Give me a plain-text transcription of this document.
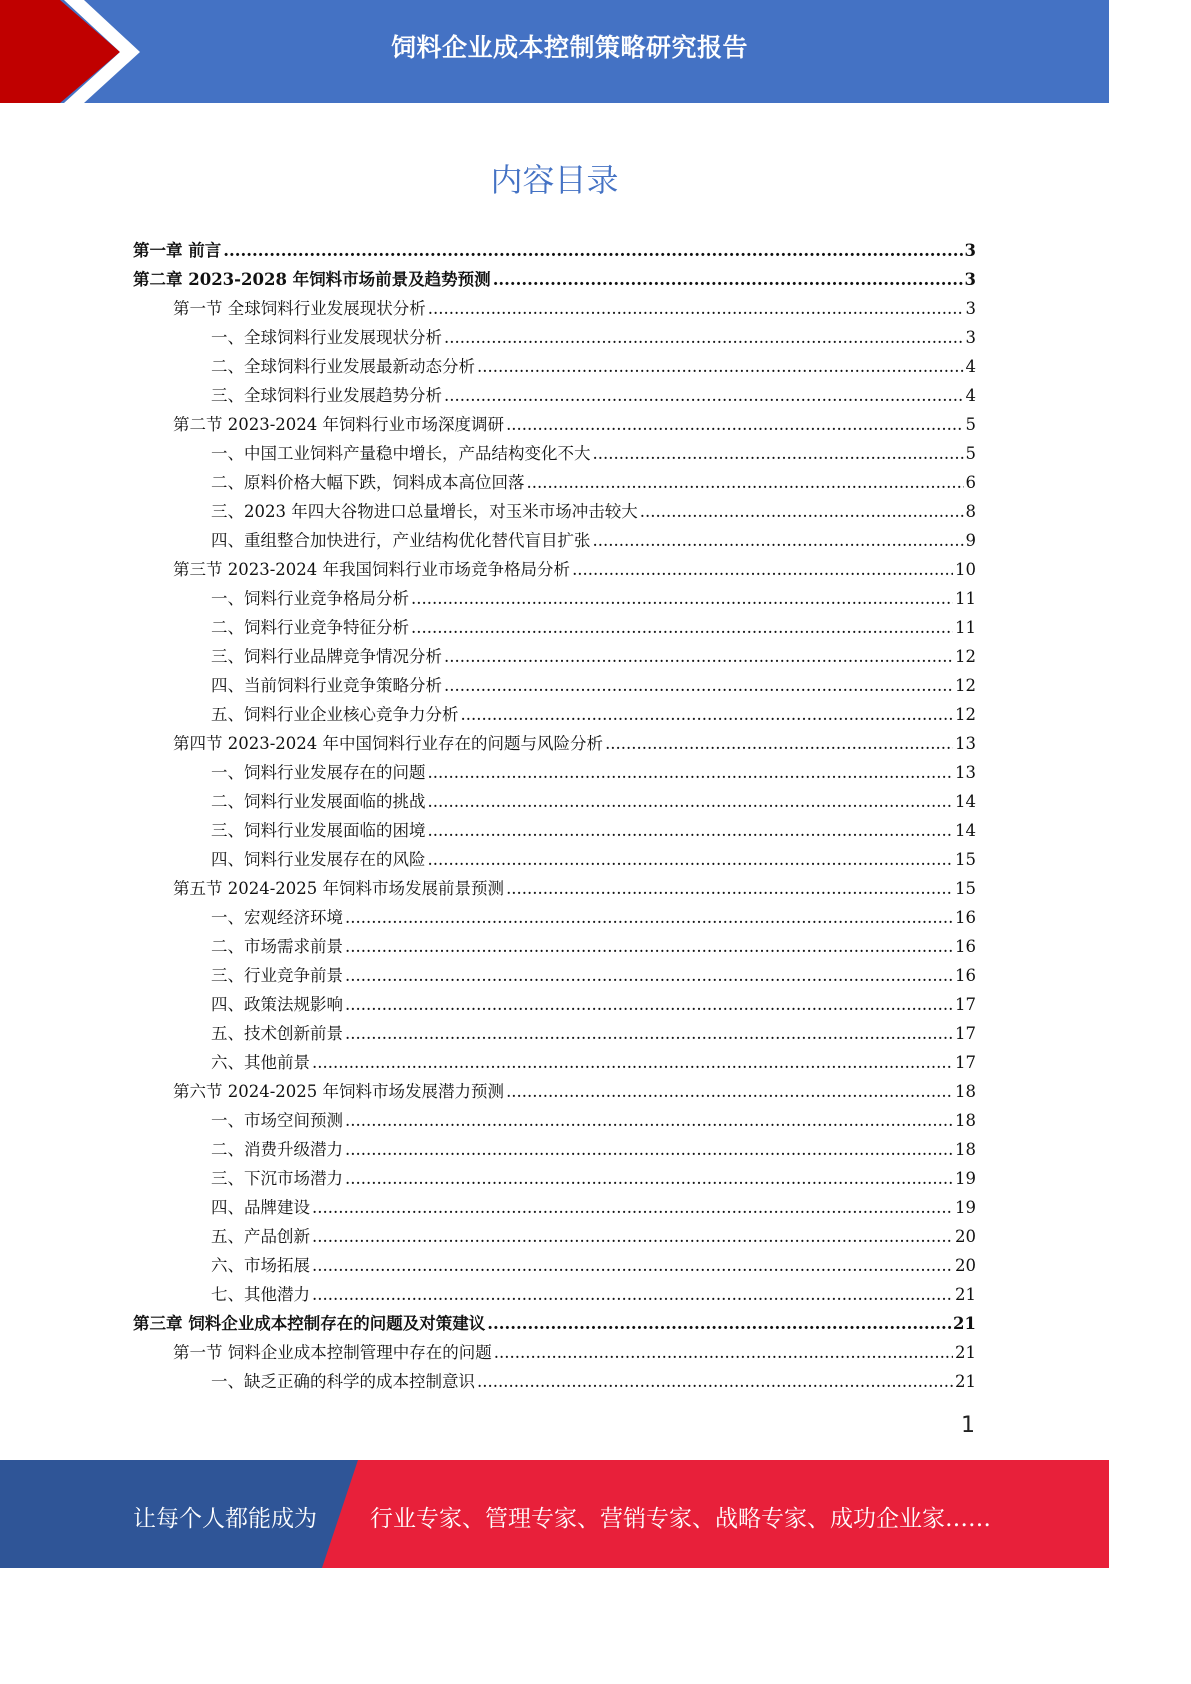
饲料企业成本控制策略研究报告
内容目录
第一章 前言 .....	3
第二章 2023-2028 年饲料市场前景及趋势预测 .....	3
第一节 全球饲料行业发展现状分析 .....	3
一、全球饲料行业发展现状分析 .....	3
二、全球饲料行业发展最新动态分析 .....	4
三、全球饲料行业发展趋势分析 .....	4
第二节 2023-2024 年饲料行业市场深度调研 .....	5
一、中国工业饲料产量稳中增长，产品结构变化不大 .....	5
二、原料价格大幅下跌，饲料成本高位回落 .....	6
三、2023 年四大谷物进口总量增长，对玉米市场冲击较大 .....	8
四、重组整合加快进行，产业结构优化替代盲目扩张 .....	9
第三节 2023-2024 年我国饲料行业市场竞争格局分析 .....	10
一、饲料行业竞争格局分析 .....	11
二、饲料行业竞争特征分析 .....	11
三、饲料行业品牌竞争情况分析 .....	12
四、当前饲料行业竞争策略分析 .....	12
五、饲料行业企业核心竞争力分析 .....	12
第四节 2023-2024 年中国饲料行业存在的问题与风险分析 .....	13
一、饲料行业发展存在的问题 .....	13
二、饲料行业发展面临的挑战 .....	14
三、饲料行业发展面临的困境 .....	14
四、饲料行业发展存在的风险 .....	15
第五节 2024-2025 年饲料市场发展前景预测 .....	15
一、宏观经济环境 .....	16
二、市场需求前景 .....	16
三、行业竞争前景 .....	16
四、政策法规影响 .....	17
五、技术创新前景 .....	17
六、其他前景 .....	17
第六节 2024-2025 年饲料市场发展潜力预测 .....	18
一、市场空间预测 .....	18
二、消费升级潜力 .....	18
三、下沉市场潜力 .....	19
四、品牌建设 .....	19
五、产品创新 .....	20
六、市场拓展 .....	20
七、其他潜力 .....	21
第三章 饲料企业成本控制存在的问题及对策建议 .....	21
第一节 饲料企业成本控制管理中存在的问题 .....	21
一、缺乏正确的科学的成本控制意识 .....	21
1
让每个人都能成为 行业专家、管理专家、营销专家、战略专家、成功企业家……
